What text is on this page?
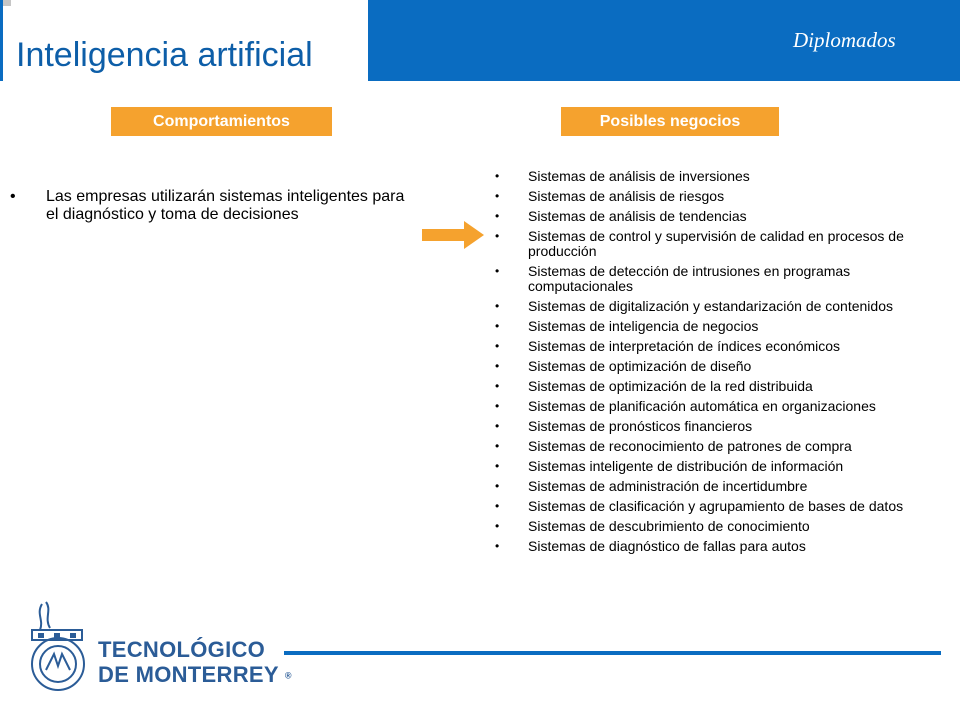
Inteligencia artificial	Diplomados
Comportamientos	Posibles negocios
• Las empresas utilizarán sistemas inteligentes para el diagnóstico y toma de decisiones
• Sistemas de análisis de inversiones
• Sistemas de análisis de riesgos
• Sistemas de análisis de tendencias
• Sistemas de control y supervisión de calidad en procesos de producción
• Sistemas de detección de intrusiones en programas computacionales
• Sistemas de digitalización y estandarización de contenidos
• Sistemas de inteligencia de negocios
• Sistemas de interpretación de índices económicos
• Sistemas de optimización de diseño
• Sistemas de optimización de la red distribuida
• Sistemas de planificación automática en organizaciones
• Sistemas de pronósticos financieros
• Sistemas de reconocimiento de patrones de compra
• Sistemas inteligente de distribución de información
• Sistemas de administración de incertidumbre
• Sistemas de clasificación y agrupamiento de bases de datos
• Sistemas de descubrimiento de conocimiento
• Sistemas de diagnóstico de fallas para autos
TECNOLÓGICO
DE MONTERREY ®
